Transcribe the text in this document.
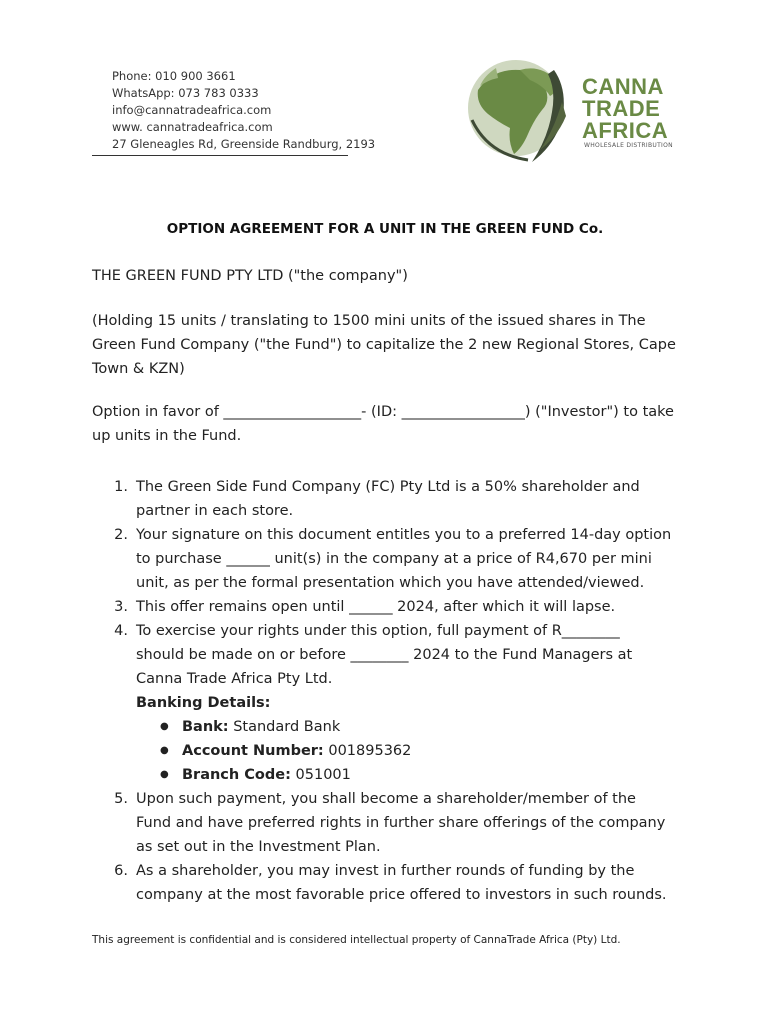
Phone: 010 900 3661
WhatsApp: 073 783 0333
info@cannatradeafrica.com
www. cannatradeafrica.com
27 Gleneagles Rd, Greenside Randburg, 2193
CANNA
TRADE
AFRICA
WHOLESALE DISTRIBUTION
OPTION AGREEMENT FOR A UNIT IN THE GREEN FUND Co.
THE GREEN FUND PTY LTD ("the company")
(Holding 15 units / translating to 1500 mini units of the issued shares in The Green Fund Company ("the Fund") to capitalize the 2 new Regional Stores, Cape Town & KZN)
Option in favor of ___________________- (ID: _________________) ("Investor") to take up units in the Fund.
1. The Green Side Fund Company (FC) Pty Ltd is a 50% shareholder and partner in each store.
2. Your signature on this document entitles you to a preferred 14-day option to purchase ______ unit(s) in the company at a price of R4,670 per mini unit, as per the formal presentation which you have attended/viewed.
3. This offer remains open until ______ 2024, after which it will lapse.
4. To exercise your rights under this option, full payment of R________ should be made on or before ________ 2024 to the Fund Managers at Canna Trade Africa Pty Ltd.
Banking Details:
● Bank: Standard Bank
● Account Number: 001895362
● Branch Code: 051001
5. Upon such payment, you shall become a shareholder/member of the Fund and have preferred rights in further share offerings of the company as set out in the Investment Plan.
6. As a shareholder, you may invest in further rounds of funding by the company at the most favorable price offered to investors in such rounds.
This agreement is confidential and is considered intellectual property of CannaTrade Africa (Pty) Ltd.
